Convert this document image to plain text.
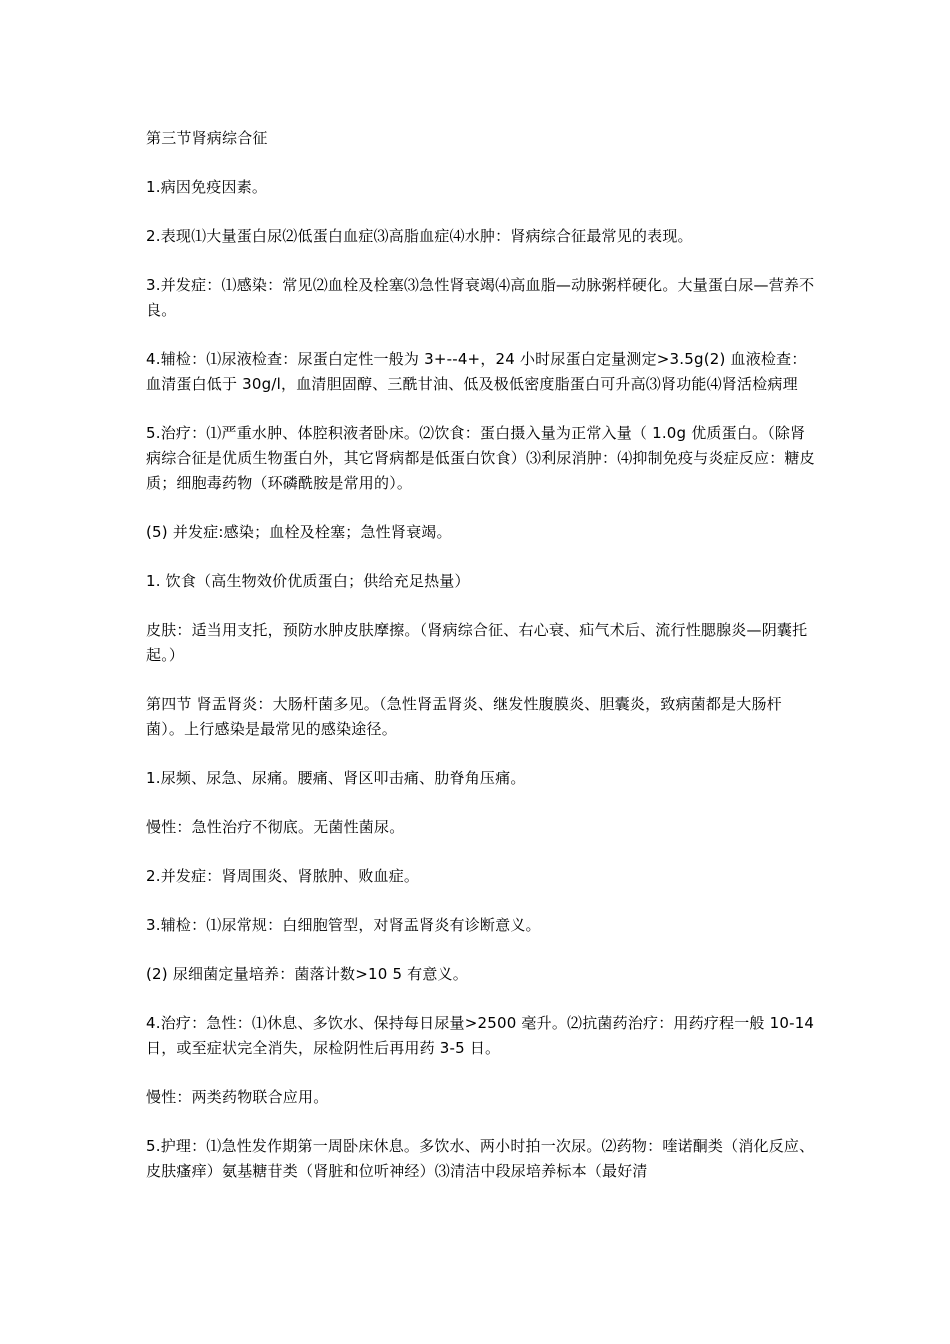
第三节肾病综合征

1.病因免疫因素。

2.表现⑴大量蛋白尿⑵低蛋白血症⑶高脂血症⑷水肿：肾病综合征最常见的表现。

3.并发症：⑴感染：常见⑵血栓及栓塞⑶急性肾衰竭⑷高血脂—动脉粥样硬化。大量蛋白尿—营养不良。

4.辅检：⑴尿液检查：尿蛋白定性一般为 3+--4+，24 小时尿蛋白定量测定>3.5g(2) 血液检查：血清蛋白低于 30g/l，血清胆固醇、三酰甘油、低及极低密度脂蛋白可升高⑶肾功能⑷肾活检病理

5.治疗：⑴严重水肿、体腔积液者卧床。⑵饮食：蛋白摄入量为正常入量（ 1.0g 优质蛋白。（除肾病综合征是优质生物蛋白外，其它肾病都是低蛋白饮食）⑶利尿消肿：⑷抑制免疫与炎症反应：糖皮质；细胞毒药物（环磷酰胺是常用的）。

(5) 并发症:感染；血栓及栓塞；急性肾衰竭。

1. 饮食（高生物效价优质蛋白；供给充足热量）

皮肤：适当用支托，预防水肿皮肤摩擦。（肾病综合征、右心衰、疝气术后、流行性腮腺炎—阴囊托起。）

第四节 肾盂肾炎：大肠杆菌多见。（急性肾盂肾炎、继发性腹膜炎、胆囊炎，致病菌都是大肠杆菌）。上行感染是最常见的感染途径。

1.尿频、尿急、尿痛。腰痛、肾区叩击痛、肋脊角压痛。

慢性：急性治疗不彻底。无菌性菌尿。

2.并发症：肾周围炎、肾脓肿、败血症。

3.辅检：⑴尿常规：白细胞管型，对肾盂肾炎有诊断意义。

(2) 尿细菌定量培养：菌落计数>10 5 有意义。

4.治疗：急性：⑴休息、多饮水、保持每日尿量>2500 毫升。⑵抗菌药治疗：用药疗程一般 10-14 日，或至症状完全消失，尿检阴性后再用药 3-5 日。

慢性：两类药物联合应用。

5.护理：⑴急性发作期第一周卧床休息。多饮水、两小时拍一次尿。⑵药物：喹诺酮类（消化反应、皮肤瘙痒）氨基糖苷类（肾脏和位听神经）⑶清洁中段尿培养标本（最好清
